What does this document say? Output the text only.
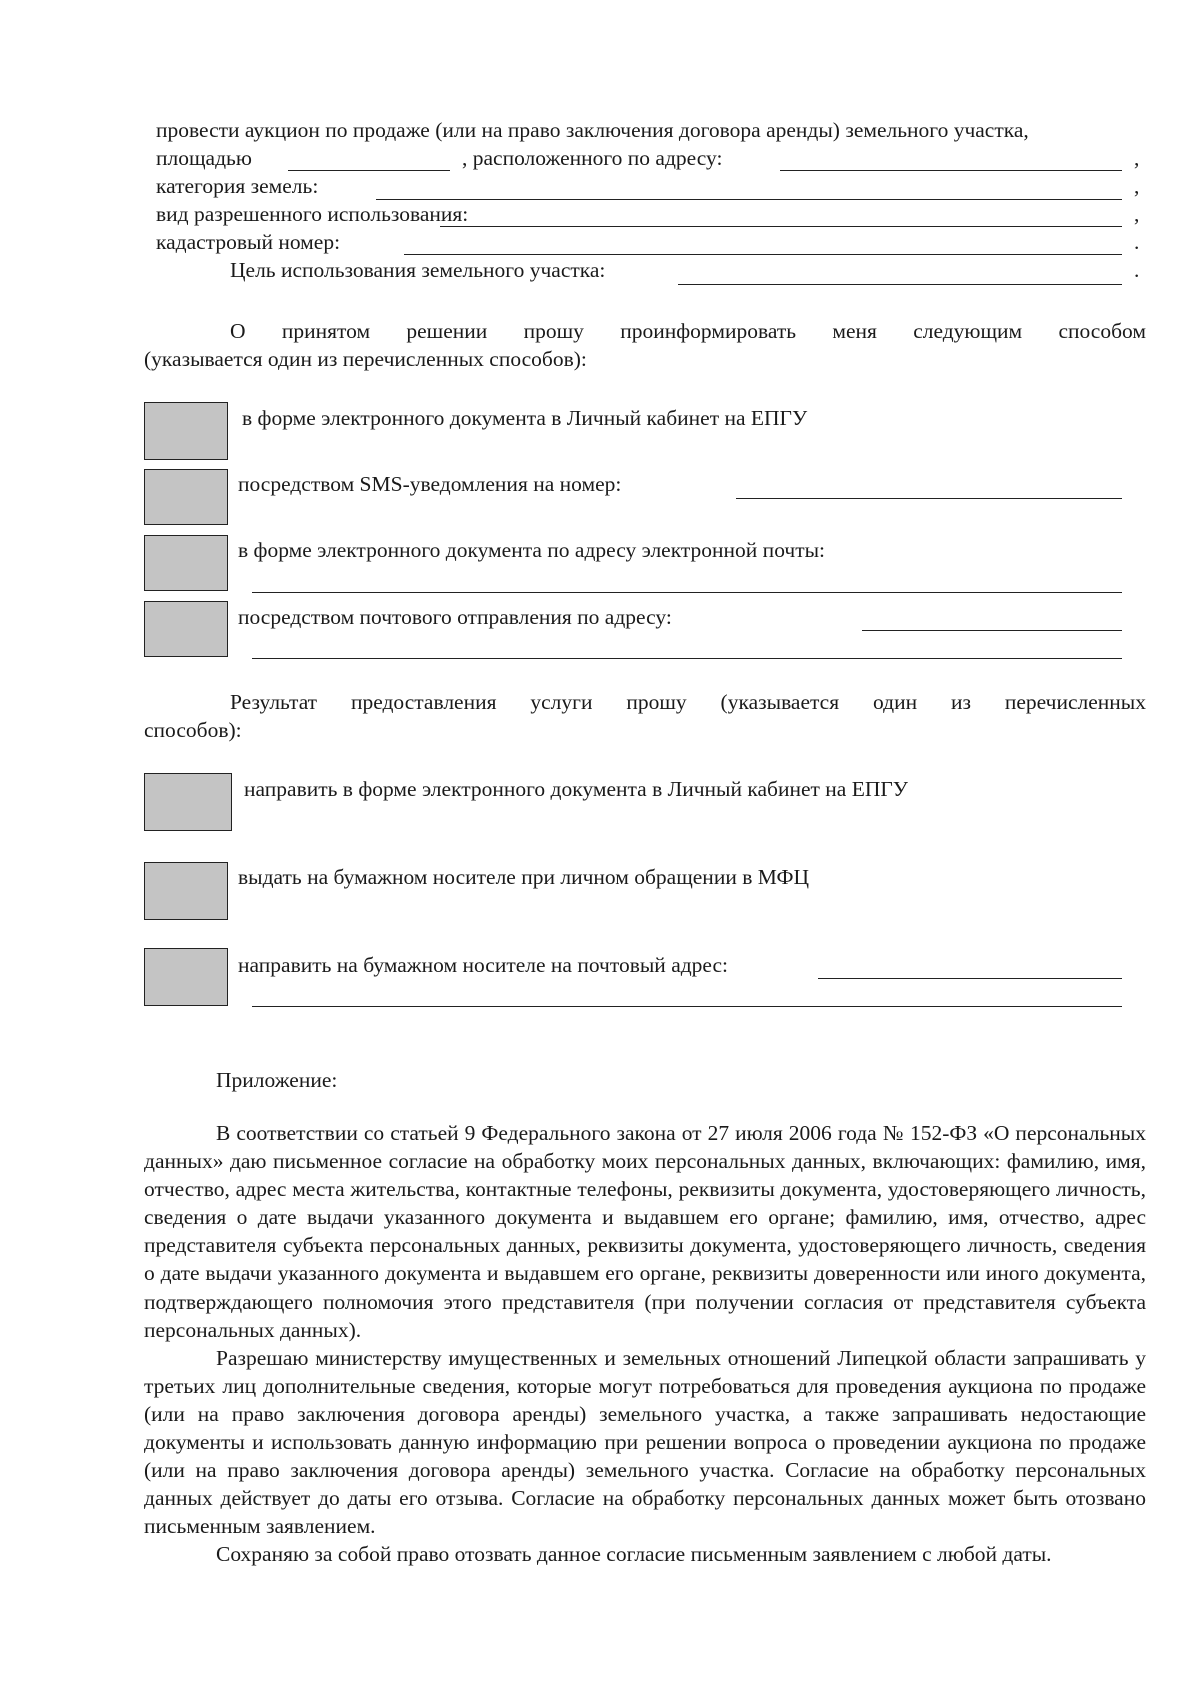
провести аукцион по продаже (или на право заключения договора аренды) земельного участка,
площадью	, расположенного по адресу:	,
категория земель:	,
вид разрешенного использования:	,
кадастровый номер:	.
Цель использования земельного участка:	.
О принятом решении прошу проинформировать меня следующим способом
(указывается один из перечисленных способов):
в форме электронного документа в Личный кабинет на ЕПГУ
посредством SMS-уведомления на номер:
в форме электронного документа по адресу электронной почты:
посредством почтового отправления по адресу:
Результат предоставления услуги прошу (указывается один из перечисленных
способов):
направить в форме электронного документа в Личный кабинет на ЕПГУ
выдать на бумажном носителе при личном обращении в МФЦ
направить на бумажном носителе на почтовый адрес:
Приложение:

В соответствии со статьей 9 Федерального закона от 27 июля 2006 года № 152-ФЗ «О персональных данных» даю письменное согласие на обработку моих персональных данных, включающих: фамилию, имя, отчество, адрес места жительства, контактные телефоны, реквизиты документа, удостоверяющего личность, сведения о дате выдачи указанного документа и выдавшем его органе; фамилию, имя, отчество, адрес представителя субъекта персональных данных, реквизиты документа, удостоверяющего личность, сведения о дате выдачи указанного документа и выдавшем его органе, реквизиты доверенности или иного документа, подтверждающего полномочия этого представителя (при получении согласия от представителя субъекта персональных данных).

Разрешаю министерству имущественных и земельных отношений Липецкой области запрашивать у третьих лиц дополнительные сведения, которые могут потребоваться для проведения аукциона по продаже (или на право заключения договора аренды) земельного участка, а также запрашивать недостающие документы и использовать данную информацию при решении вопроса о проведении аукциона по продаже (или на право заключения договора аренды) земельного участка. Согласие на обработку персональных данных действует до даты его отзыва. Согласие на обработку персональных данных может быть отозвано письменным заявлением.

Сохраняю за собой право отозвать данное согласие письменным заявлением с любой даты.
